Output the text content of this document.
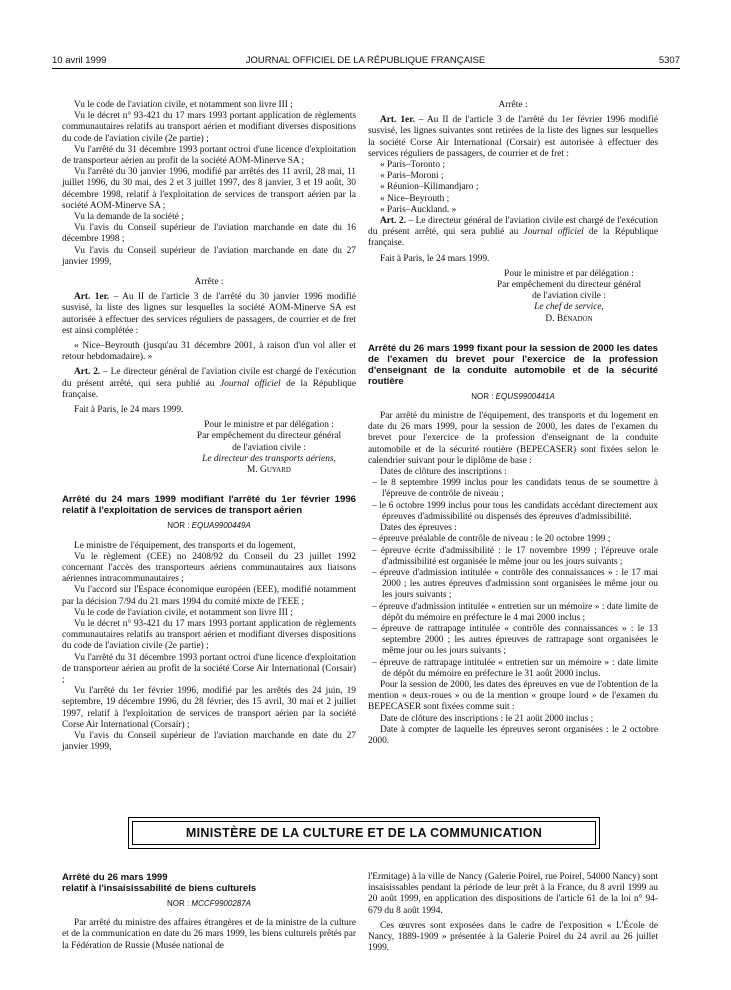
10 avril 1999	JOURNAL OFFICIEL DE LA RÉPUBLIQUE FRANÇAISE	5307

Vu le code de l'aviation civile, et notamment son livre III ;

Vu le décret n° 93-421 du 17 mars 1993 portant application de règlements communautaires relatifs au transport aérien et modifiant diverses dispositions du code de l'aviation civile (2e partie) ;

Vu l'arrêté du 31 décembre 1993 portant octroi d'une licence d'exploitation de transporteur aérien au profit de la société AOM-Minerve SA ;

Vu l'arrêté du 30 janvier 1996, modifié par arrêtés des 11 avril, 28 mai, 11 juillet 1996, du 30 mai, des 2 et 3 juillet 1997, des 8 janvier, 3 et 19 août, 30 décembre 1998, relatif à l'exploitation de services de transport aérien par la société AOM-Minerve SA ;

Vu la demande de la société ;

Vu l'avis du Conseil supérieur de l'aviation marchande en date du 16 décembre 1998 ;

Vu l'avis du Conseil supérieur de l'aviation marchande en date du 27 janvier 1999,

Arrête :

Art. 1er. – Au II de l'article 3 de l'arrêté du 30 janvier 1996 modifié susvisé, la liste des lignes sur lesquelles la société AOM-Minerve SA est autorisée à effectuer des services réguliers de passagers, de courrier et de fret est ainsi complétée :

« Nice–Beyrouth (jusqu'au 31 décembre 2001, à raison d'un vol aller et retour hebdomadaire). »

Art. 2. – Le directeur général de l'aviation civile est chargé de l'exécution du présent arrêté, qui sera publié au Journal officiel de la République française.

Fait à Paris, le 24 mars 1999.

Pour le ministre et par délégation :
Par empêchement du directeur général
de l'aviation civile :
Le directeur des transports aériens,
M. Guyard

Arrêté du 24 mars 1999 modifiant l'arrêté du 1er février 1996 relatif à l'exploitation de services de transport aérien

NOR : EQUA9900449A

Le ministre de l'équipement, des transports et du logement,

Vu le règlement (CEE) no 2408/92 du Conseil du 23 juillet 1992 concernant l'accès des transporteurs aériens communautaires aux liaisons aériennes intracommunautaires ;

Vu l'accord sur l'Espace économique européen (EEE), modifié notamment par la décision 7/94 du 21 mars 1994 du comité mixte de l'EEE ;

Vu le code de l'aviation civile, et notamment son livre III ;

Vu le décret n° 93-421 du 17 mars 1993 portant application de règlements communautaires relatifs au transport aérien et modifiant diverses dispositions du code de l'aviation civile (2e partie) ;

Vu l'arrêté du 31 décembre 1993 portant octroi d'une licence d'exploitation de transporteur aérien au profit de la société Corse Air International (Corsair) ;

Vu l'arrêté du 1er février 1996, modifié par les arrêtés des 24 juin, 19 septembre, 19 décembre 1996, du 28 février, des 15 avril, 30 mai et 2 juillet 1997, relatif à l'exploitation de services de transport aérien par la société Corse Air International (Corsair) ;

Vu l'avis du Conseil supérieur de l'aviation marchande en date du 27 janvier 1999,

Arrête :

Art. 1er. – Au II de l'article 3 de l'arrêté du 1er février 1996 modifié susvisé, les lignes suivantes sont retirées de la liste des lignes sur lesquelles la société Corse Air International (Corsair) est autorisée à effectuer des services réguliers de passagers, de courrier et de fret :

« Paris–Toronto ;

« Paris–Moroni ;

« Réunion–Kilimandjaro ;

« Nice–Beyrouth ;

« Paris–Auckland. »

Art. 2. – Le directeur général de l'aviation civile est chargé de l'exécution du présent arrêté, qui sera publié au Journal officiel de la République française.

Fait à Paris, le 24 mars 1999.

Pour le ministre et par délégation :
Par empêchement du directeur général
de l'aviation civile :
Le chef de service,
D. Bénadon

Arrêté du 26 mars 1999 fixant pour la session de 2000 les dates de l'examen du brevet pour l'exercice de la profession d'enseignant de la conduite automobile et de la sécurité routière

NOR : EQUS9900441A

Par arrêté du ministre de l'équipement, des transports et du logement en date du 26 mars 1999, pour la session de 2000, les dates de l'examen du brevet pour l'exercice de la profession d'enseignant de la conduite automobile et de la sécurité routière (BEPECASER) sont fixées selon le calendrier suivant pour le diplôme de base :

Dates de clôture des inscriptions :

– le 8 septembre 1999 inclus pour les candidats tenus de se soumettre à l'épreuve de contrôle de niveau ;

– le 6 octobre 1999 inclus pour tous les candidats accédant directement aux épreuves d'admissibilité ou dispensés des épreuves d'admissibilité.

Dates des épreuves :

– épreuve préalable de contrôle de niveau : le 20 octobre 1999 ;

– épreuve écrite d'admissibilité : le 17 novembre 1999 ; l'épreuve orale d'admissibilité est organisée le même jour ou les jours suivants ;

– épreuve d'admission intitulée « contrôle des connaissances » : le 17 mai 2000 ; les autres épreuves d'admission sont organisées le même jour ou les jours suivants ;

– épreuve d'admission intitulée « entretien sur un mémoire » : date limite de dépôt du mémoire en préfecture le 4 mai 2000 inclus ;

– épreuve de rattrapage intitulée « contrôle des connaissances » : le 13 septembre 2000 ; les autres épreuves de rattrapage sont organisées le même jour ou les jours suivants ;

– épreuve de rattrapage intitulée « entretien sur un mémoire » : date limite de dépôt du mémoire en préfecture le 31 août 2000 inclus.

Pour la session de 2000, les dates des épreuves en vue de l'obtention de la mention « deux-roues » ou de la mention « groupe lourd » de l'examen du BEPECASER sont fixées comme suit :

Date de clôture des inscriptions : le 21 août 2000 inclus ;

Date à compter de laquelle les épreuves seront organisées : le 2 octobre 2000.

MINISTÈRE DE LA CULTURE ET DE LA COMMUNICATION

Arrêté du 26 mars 1999

relatif à l'insaisissabilité de biens culturels

NOR : MCCF9900287A

Par arrêté du ministre des affaires étrangères et de la ministre de la culture et de la communication en date du 26 mars 1999, les biens culturels prêtés par la Fédération de Russie (Musée national de

l'Ermitage) à la ville de Nancy (Galerie Poirel, rue Poirel, 54000 Nancy) sont insaisissables pendant la période de leur prêt à la France, du 8 avril 1999 au 20 août 1999, en application des dispositions de l'article 61 de la loi n° 94-679 du 8 août 1994.

Ces œuvres sont exposées dans le cadre de l'exposition « L'École de Nancy, 1889-1909 » présentée à la Galerie Poirel du 24 avril au 26 juillet 1999.
